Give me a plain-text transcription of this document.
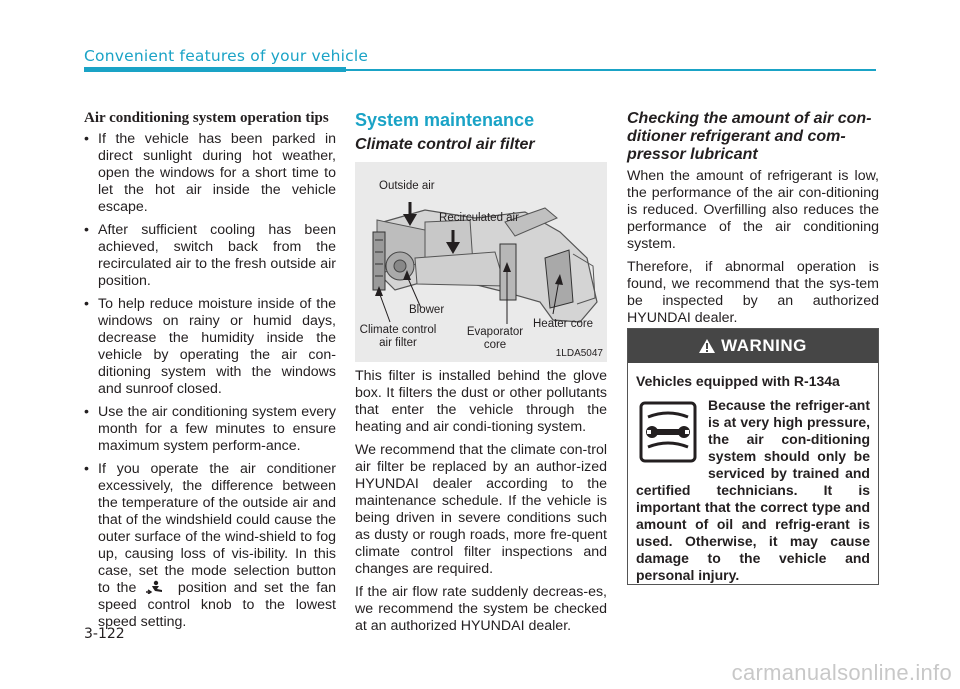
Convenient features of your vehicle
Air conditioning system operation tips
• If the vehicle has been parked in direct sunlight during hot weather, open the windows for a short time to let the hot air inside the vehicle escape.
• After sufficient cooling has been achieved, switch back from the recirculated air to the fresh outside air position.
• To help reduce moisture inside of the windows on rainy or humid days, decrease the humidity inside the vehicle by operating the air con-ditioning system with the windows and sunroof closed.
• Use the air conditioning system every month for a few minutes to ensure maximum system perform-ance.
• If you operate the air conditioner excessively, the difference between the temperature of the outside air and that of the windshield could cause the outer surface of the wind-shield to fog up, causing loss of vis-ibility. In this case, set the mode selection button to the	position and set the fan speed control knob to the lowest speed setting.
System maintenance
Climate control air filter
Outside air
Recirculated air
Blower
Climate control air filter
Evaporator core
Heater core
1LDA5047

This filter is installed behind the glove box. It filters the dust or other pollutants that enter the vehicle through the heating and air condi-tioning system.

We recommend that the climate con-trol air filter be replaced by an author-ized HYUNDAI dealer according to the maintenance schedule. If the vehicle is being driven in severe conditions such as dusty or rough roads, more fre-quent climate control filter inspections and changes are required.

If the air flow rate suddenly decreas-es, we recommend the system be checked at an authorized HYUNDAI dealer.

Checking the amount of air con-ditioner refrigerant and com-pressor lubricant

When the amount of refrigerant is low, the performance of the air con-ditioning is reduced. Overfilling also reduces the performance of the air conditioning system.

Therefore, if abnormal operation is found, we recommend that the sys-tem be inspected by an authorized HYUNDAI dealer.

WARNING
Vehicles equipped with R-134a

Because the refriger-ant is at very high pressure, the air con-ditioning system should only be serviced by trained and certified technicians. It is important that the correct type and amount of oil and refrig-erant is used. Otherwise, it may cause damage to the vehicle and personal injury.

3-122
carmanualsonline.info
